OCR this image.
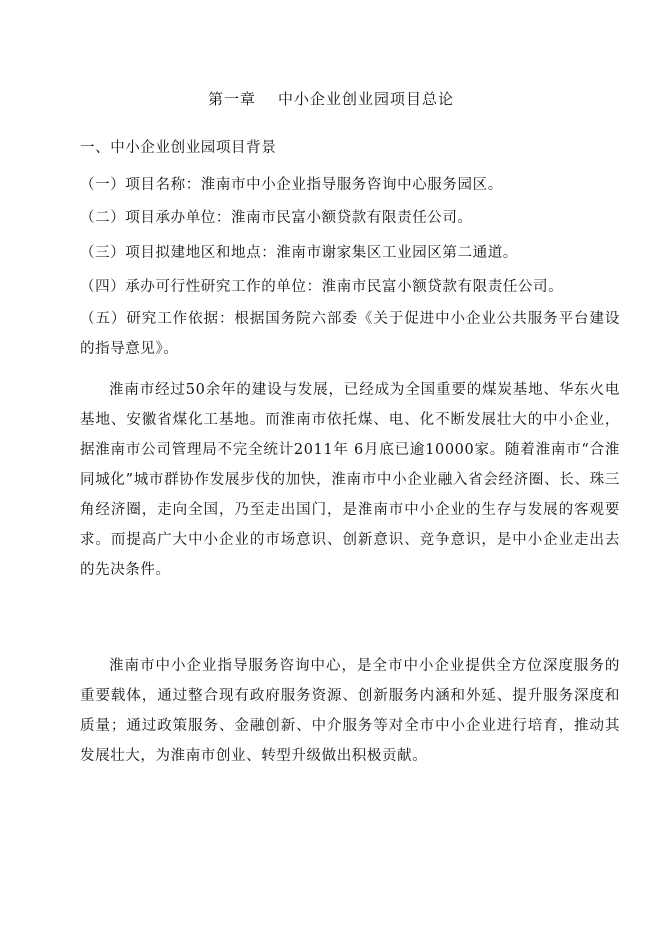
第一章 中小企业创业园项目总论
一、中小企业创业园项目背景
（一）项目名称：淮南市中小企业指导服务咨询中心服务园区。
（二）项目承办单位：淮南市民富小额贷款有限责任公司。
（三）项目拟建地区和地点：淮南市谢家集区工业园区第二通道。
（四）承办可行性研究工作的单位：淮南市民富小额贷款有限责任公司。
（五）研究工作依据：根据国务院六部委《关于促进中小企业公共服务平台建设的指导意见》。
淮南市经过50余年的建设与发展，已经成为全国重要的煤炭基地、华东火电基地、安徽省煤化工基地。而淮南市依托煤、电、化不断发展壮大的中小企业，据淮南市公司管理局不完全统计2011年 6月底已逾10000家。随着淮南市“合淮同城化”城市群协作发展步伐的加快，淮南市中小企业融入省会经济圈、长、珠三角经济圈，走向全国，乃至走出国门，是淮南市中小企业的生存与发展的客观要求。而提高广大中小企业的市场意识、创新意识、竞争意识，是中小企业走出去的先决条件。
淮南市中小企业指导服务咨询中心，是全市中小企业提供全方位深度服务的重要载体，通过整合现有政府服务资源、创新服务内涵和外延、提升服务深度和质量；通过政策服务、金融创新、中介服务等对全市中小企业进行培育，推动其发展壮大，为淮南市创业、转型升级做出积极贡献。
